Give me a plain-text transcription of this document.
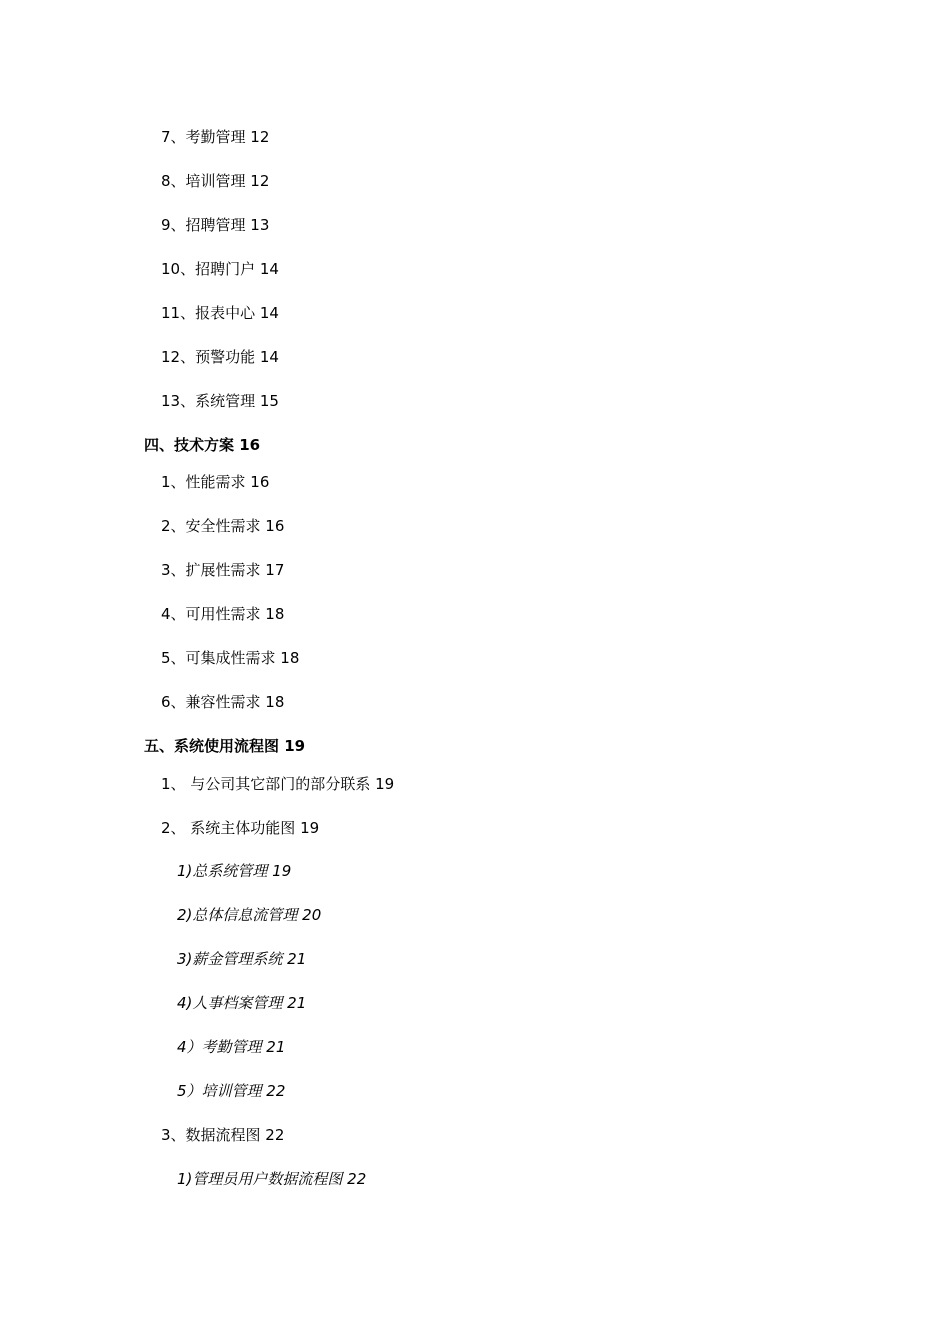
7、考勤管理 12
8、培训管理 12
9、招聘管理 13
10、招聘门户 14
11、报表中心 14
12、预警功能 14
13、系统管理 15
四、技术方案 16
1、性能需求 16
2、安全性需求 16
3、扩展性需求 17
4、可用性需求 18
5、可集成性需求 18
6、兼容性需求 18
五、系统使用流程图 19
1、 与公司其它部门的部分联系 19
2、 系统主体功能图 19
1)总系统管理 19
2)总体信息流管理 20
3)薪金管理系统 21
4)人事档案管理 21
4）考勤管理 21
5）培训管理 22
3、数据流程图 22
1)管理员用户数据流程图 22
